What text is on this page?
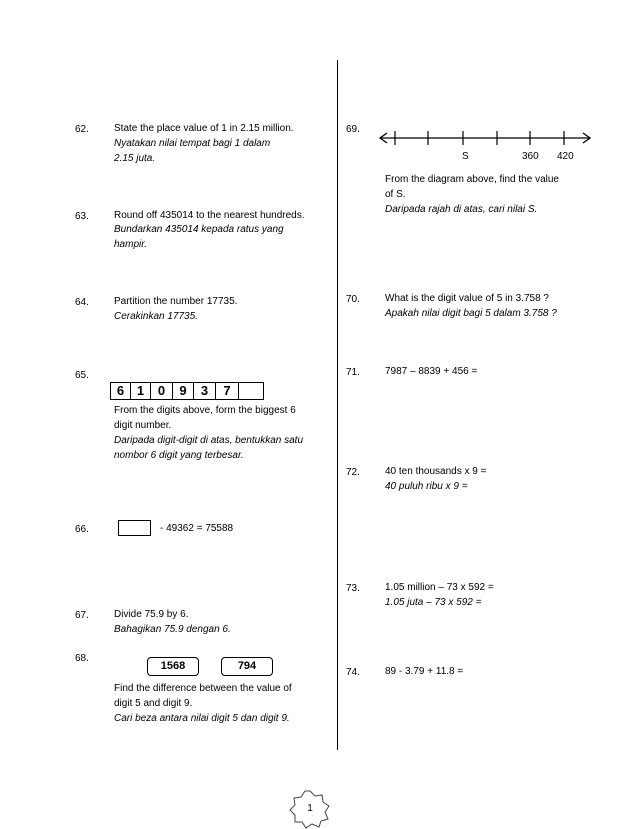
62.	State the place value of 1 in 2.15 million.
Nyatakan nilai tempat bagi 1 dalam
2.15 juta.
63.	Round off 435014 to the nearest hundreds.
Bundarkan 435014 kepada ratus yang
hampir.
64.	Partition the number 17735.
Cerakinkan 17735.
65.
6 1	0	9	3	7
From the digits above, form the biggest 6
digit number.
Daripada digit-digit di atas, bentukkan satu
nombor 6 digit yang terbesar.
66.	- 49362 = 75588
67.	Divide 75.9 by 6.
Bahagikan 75.9 dengan 6.
68.
1568	794
Find the difference between the value of
digit 5 and digit 9.
Cari beza antara nilai digit 5 dan digit 9.
69.
S	360 420
From the diagram above, find the value
of S.
Daripada rajah di atas, cari nilai S.
70.	What is the digit value of 5 in 3.758 ?
Apakah nilai digit bagi 5 dalam 3.758 ?
71.	7987 – 8839 + 456 =
72.	40 ten thousands x 9 =
40 puluh ribu x 9 =
73.	1.05 million – 73 x 592 =
1.05 juta – 73 x 592 =
74.	89 - 3.79 + 11.8 =
1
